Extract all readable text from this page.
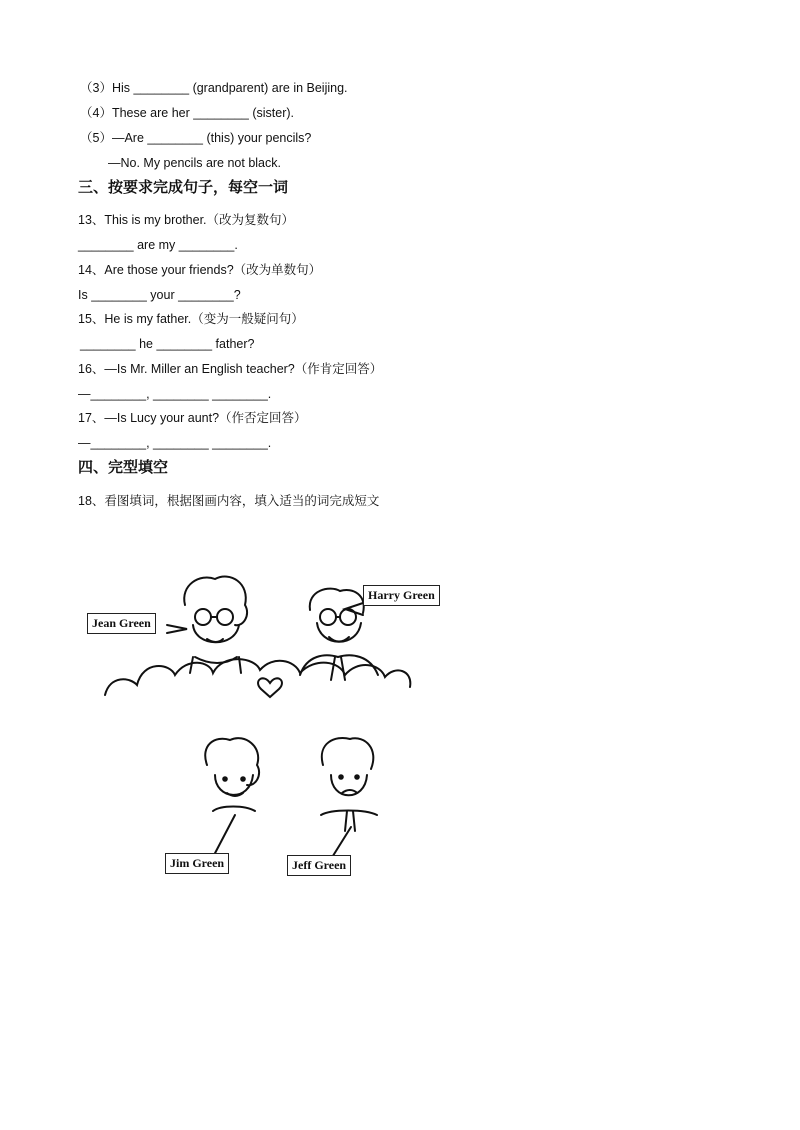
（3）His ________ (grandparent) are in Beijing.
（4）These are her ________ (sister).
（5）—Are ________ (this) your pencils?
—No. My pencils are not black.
三、按要求完成句子，每空一词
13、This is my brother.（改为复数句）
________ are my ________.
14、Are those your friends?（改为单数句）
Is ________ your ________?
15、He is my father.（变为一般疑问句）
________ he ________ father?
16、—Is Mr. Miller an English teacher?（作肯定回答）
—________, ________ ________.
17、—Is Lucy your aunt?（作否定回答）
—________, ________ ________.
四、完型填空
18、看图填词，根据图画内容，填入适当的词完成短文
Jean Green
Harry Green
Jim Green	Jeff Green
